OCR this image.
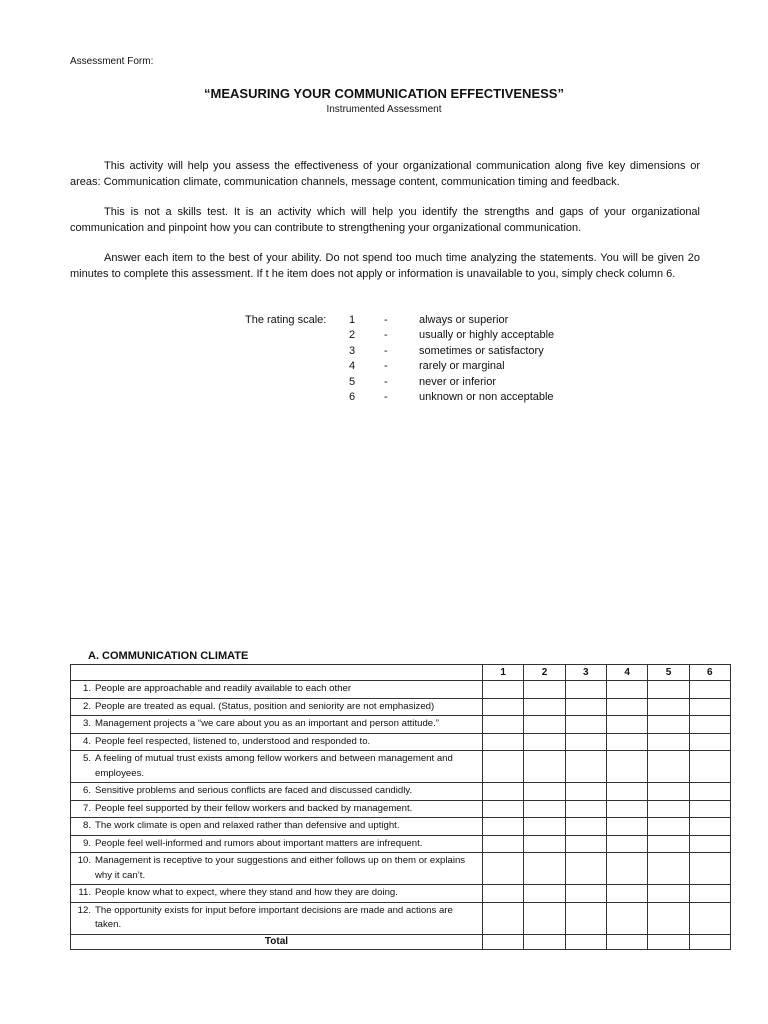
Assessment Form:
“MEASURING YOUR COMMUNICATION EFFECTIVENESS”
Instrumented Assessment
This activity will help you assess the effectiveness of your organizational communication along five key dimensions or areas: Communication climate, communication channels, message content, communication timing and feedback.
This is not a skills test. It is an activity which will help you identify the strengths and gaps of your organizational communication and pinpoint how you can contribute to strengthening your organizational communication.
Answer each item to the best of your ability. Do not spend too much time analyzing the statements. You will be given 2o minutes to complete this assessment. If t he item does not apply or information is unavailable to you, simply check column 6.
The rating scale: 1	-	always or superior
2	-	usually or highly acceptable
3	-	sometimes or satisfactory
4	-	rarely or marginal
5	-	never or inferior
6	-	unknown or non acceptable
A. COMMUNICATION CLIMATE
	1	2	3	4	5	6

1. People are approachable and readily available to each other						

2. People are treated as equal. (Status, position and seniority are not emphasized)						

3. Management projects a “we care about you as an important and person attitude.”						

4. People feel respected, listened to, understood and responded to.						

5. A feeling of mutual trust exists among fellow workers and between management and employees.						

6. Sensitive problems and serious conflicts are faced and discussed candidly.						

7. People feel supported by their fellow workers and backed by management.						

8. The work climate is open and relaxed rather than defensive and uptight.						

9. People feel well-informed and rumors about important matters are infrequent.						

10. Management is receptive to your suggestions and either follows up on them or explains why it can’t.						

11. People know what to expect, where they stand and how they are doing.						

12. The opportunity exists for input before important decisions are made and actions are taken.						

Total						
